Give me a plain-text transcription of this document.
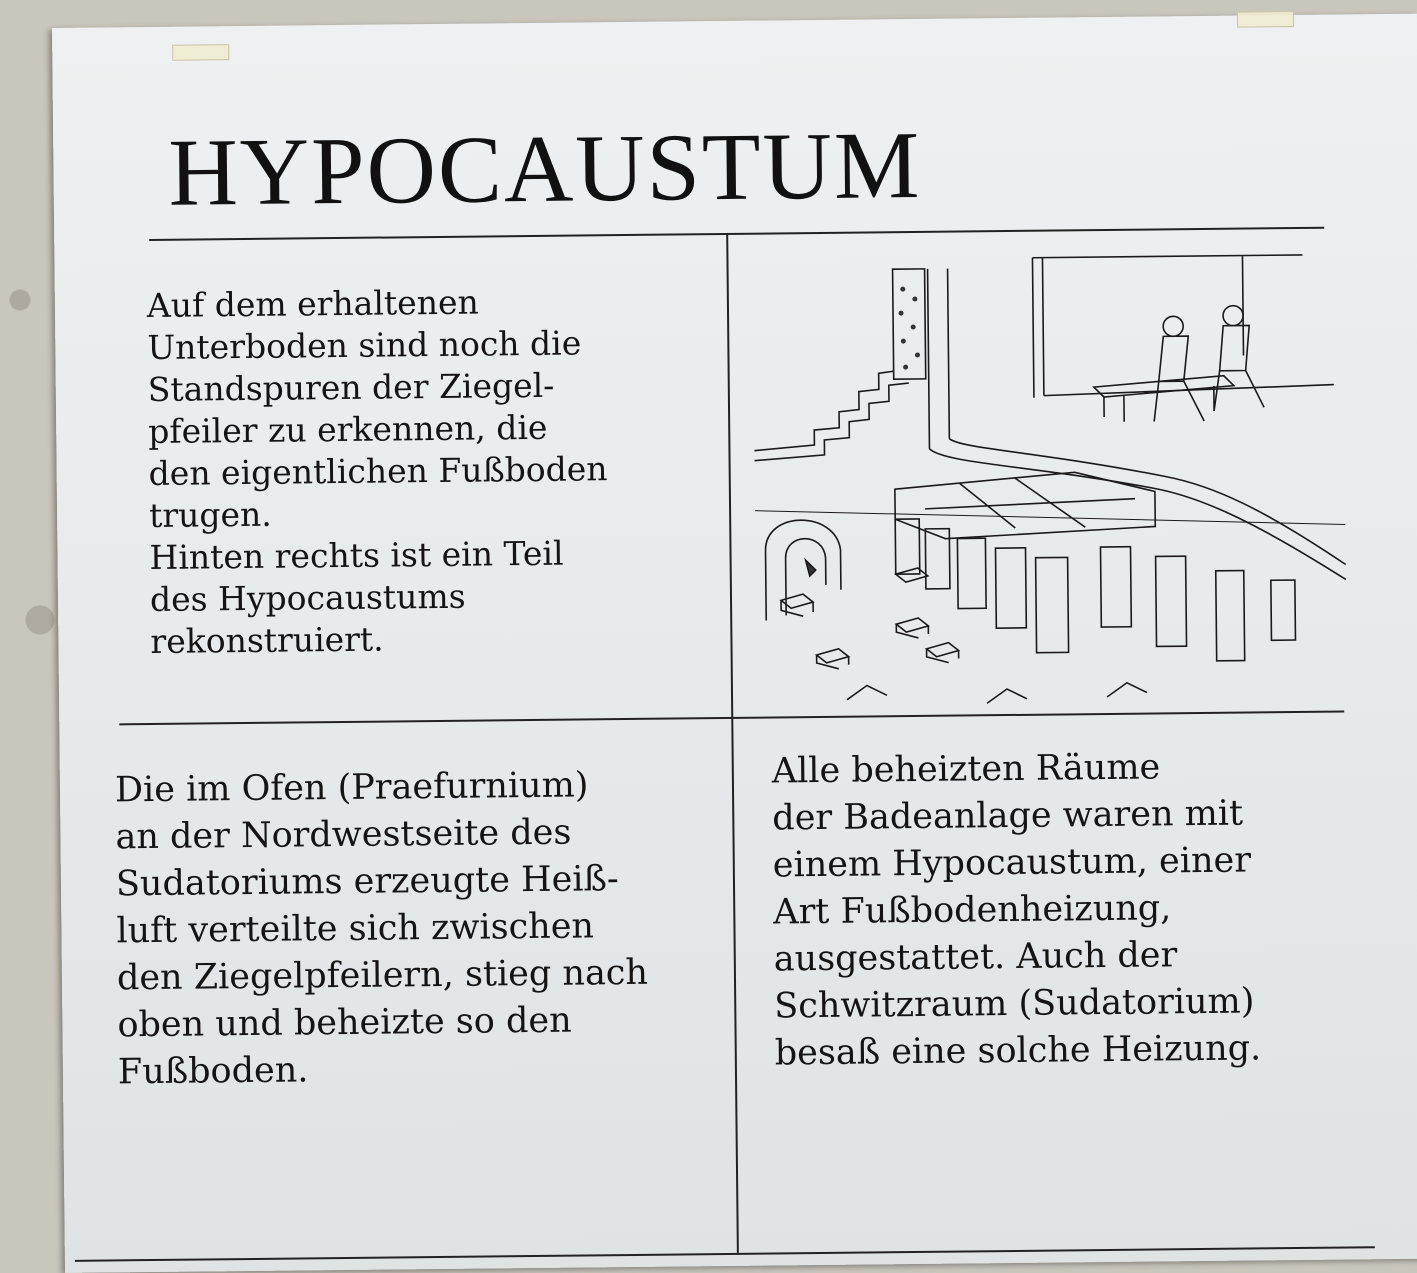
HYPOCAUSTUM
Auf dem erhaltenen
Unterboden sind noch die
Standspuren der Ziegel-
pfeiler zu erkennen, die
den eigentlichen Fußboden
trugen.
Hinten rechts ist ein Teil
des Hypocaustums
rekonstruiert.
Die im Ofen (Praefurnium)
an der Nordwestseite des
Sudatoriums erzeugte Heiß-
luft verteilte sich zwischen
den Ziegelpfeilern, stieg nach
oben und beheizte so den
Fußboden.
Alle beheizten Räume
der Badeanlage waren mit
einem Hypocaustum, einer
Art Fußbodenheizung,
ausgestattet. Auch der
Schwitzraum (Sudatorium)
besaß eine solche Heizung.
